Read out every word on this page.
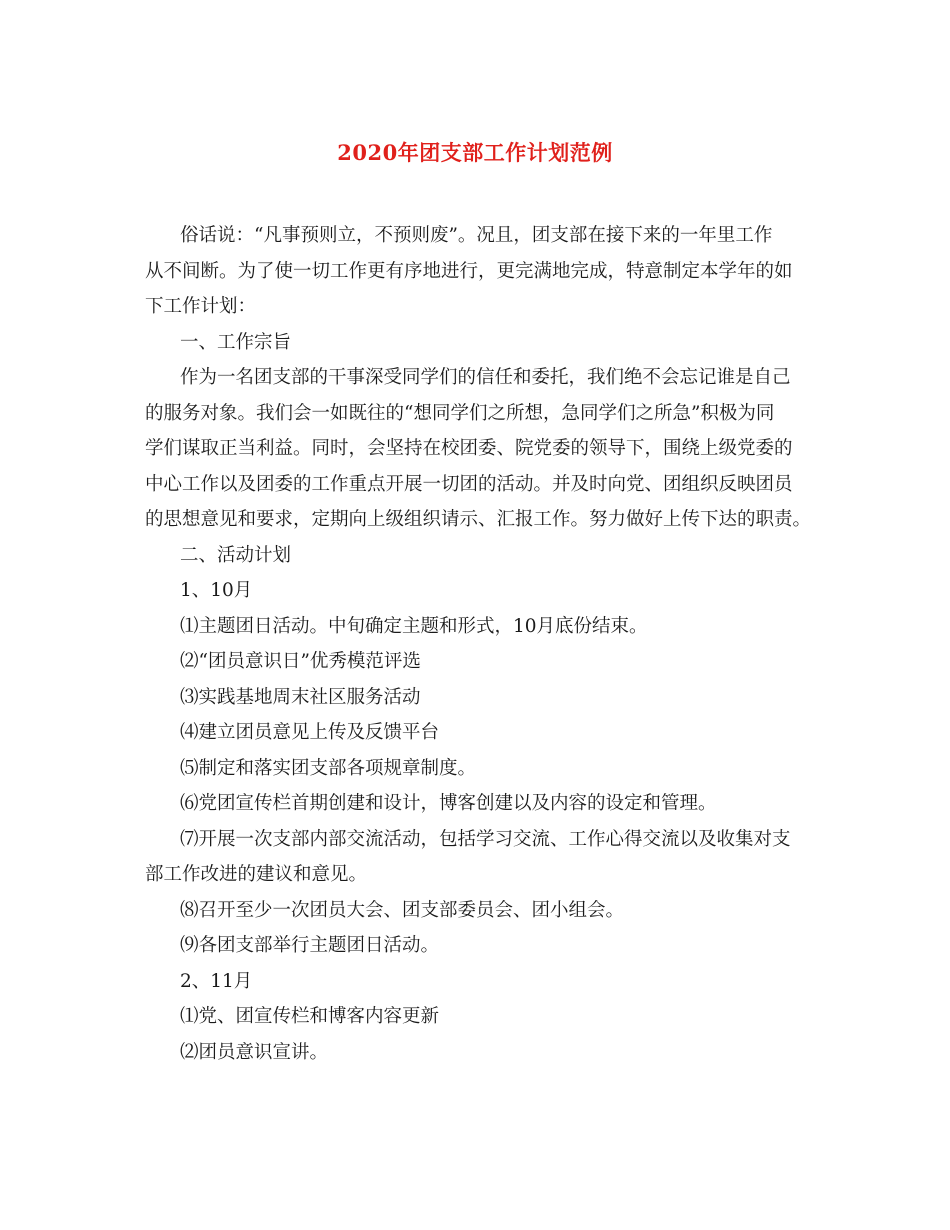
2020年团支部工作计划范例

俗话说：“凡事预则立，不预则废”。况且，团支部在接下来的一年里工作

从不间断。为了使一切工作更有序地进行，更完满地完成，特意制定本学年的如

下工作计划：

一、工作宗旨

作为一名团支部的干事深受同学们的信任和委托，我们绝不会忘记谁是自己

的服务对象。我们会一如既往的“想同学们之所想，急同学们之所急”积极为同

学们谋取正当利益。同时，会坚持在校团委、院党委的领导下，围绕上级党委的

中心工作以及团委的工作重点开展一切团的活动。并及时向党、团组织反映团员

的思想意见和要求，定期向上级组织请示、汇报工作。努力做好上传下达的职责。

二、活动计划

1、10月

⑴主题团日活动。中旬确定主题和形式，10月底份结束。

⑵“团员意识日”优秀模范评选

⑶实践基地周末社区服务活动

⑷建立团员意见上传及反馈平台

⑸制定和落实团支部各项规章制度。

⑹党团宣传栏首期创建和设计，博客创建以及内容的设定和管理。

⑺开展一次支部内部交流活动，包括学习交流、工作心得交流以及收集对支

部工作改进的建议和意见。

⑻召开至少一次团员大会、团支部委员会、团小组会。

⑼各团支部举行主题团日活动。

2、11月

⑴党、团宣传栏和博客内容更新

⑵团员意识宣讲。
